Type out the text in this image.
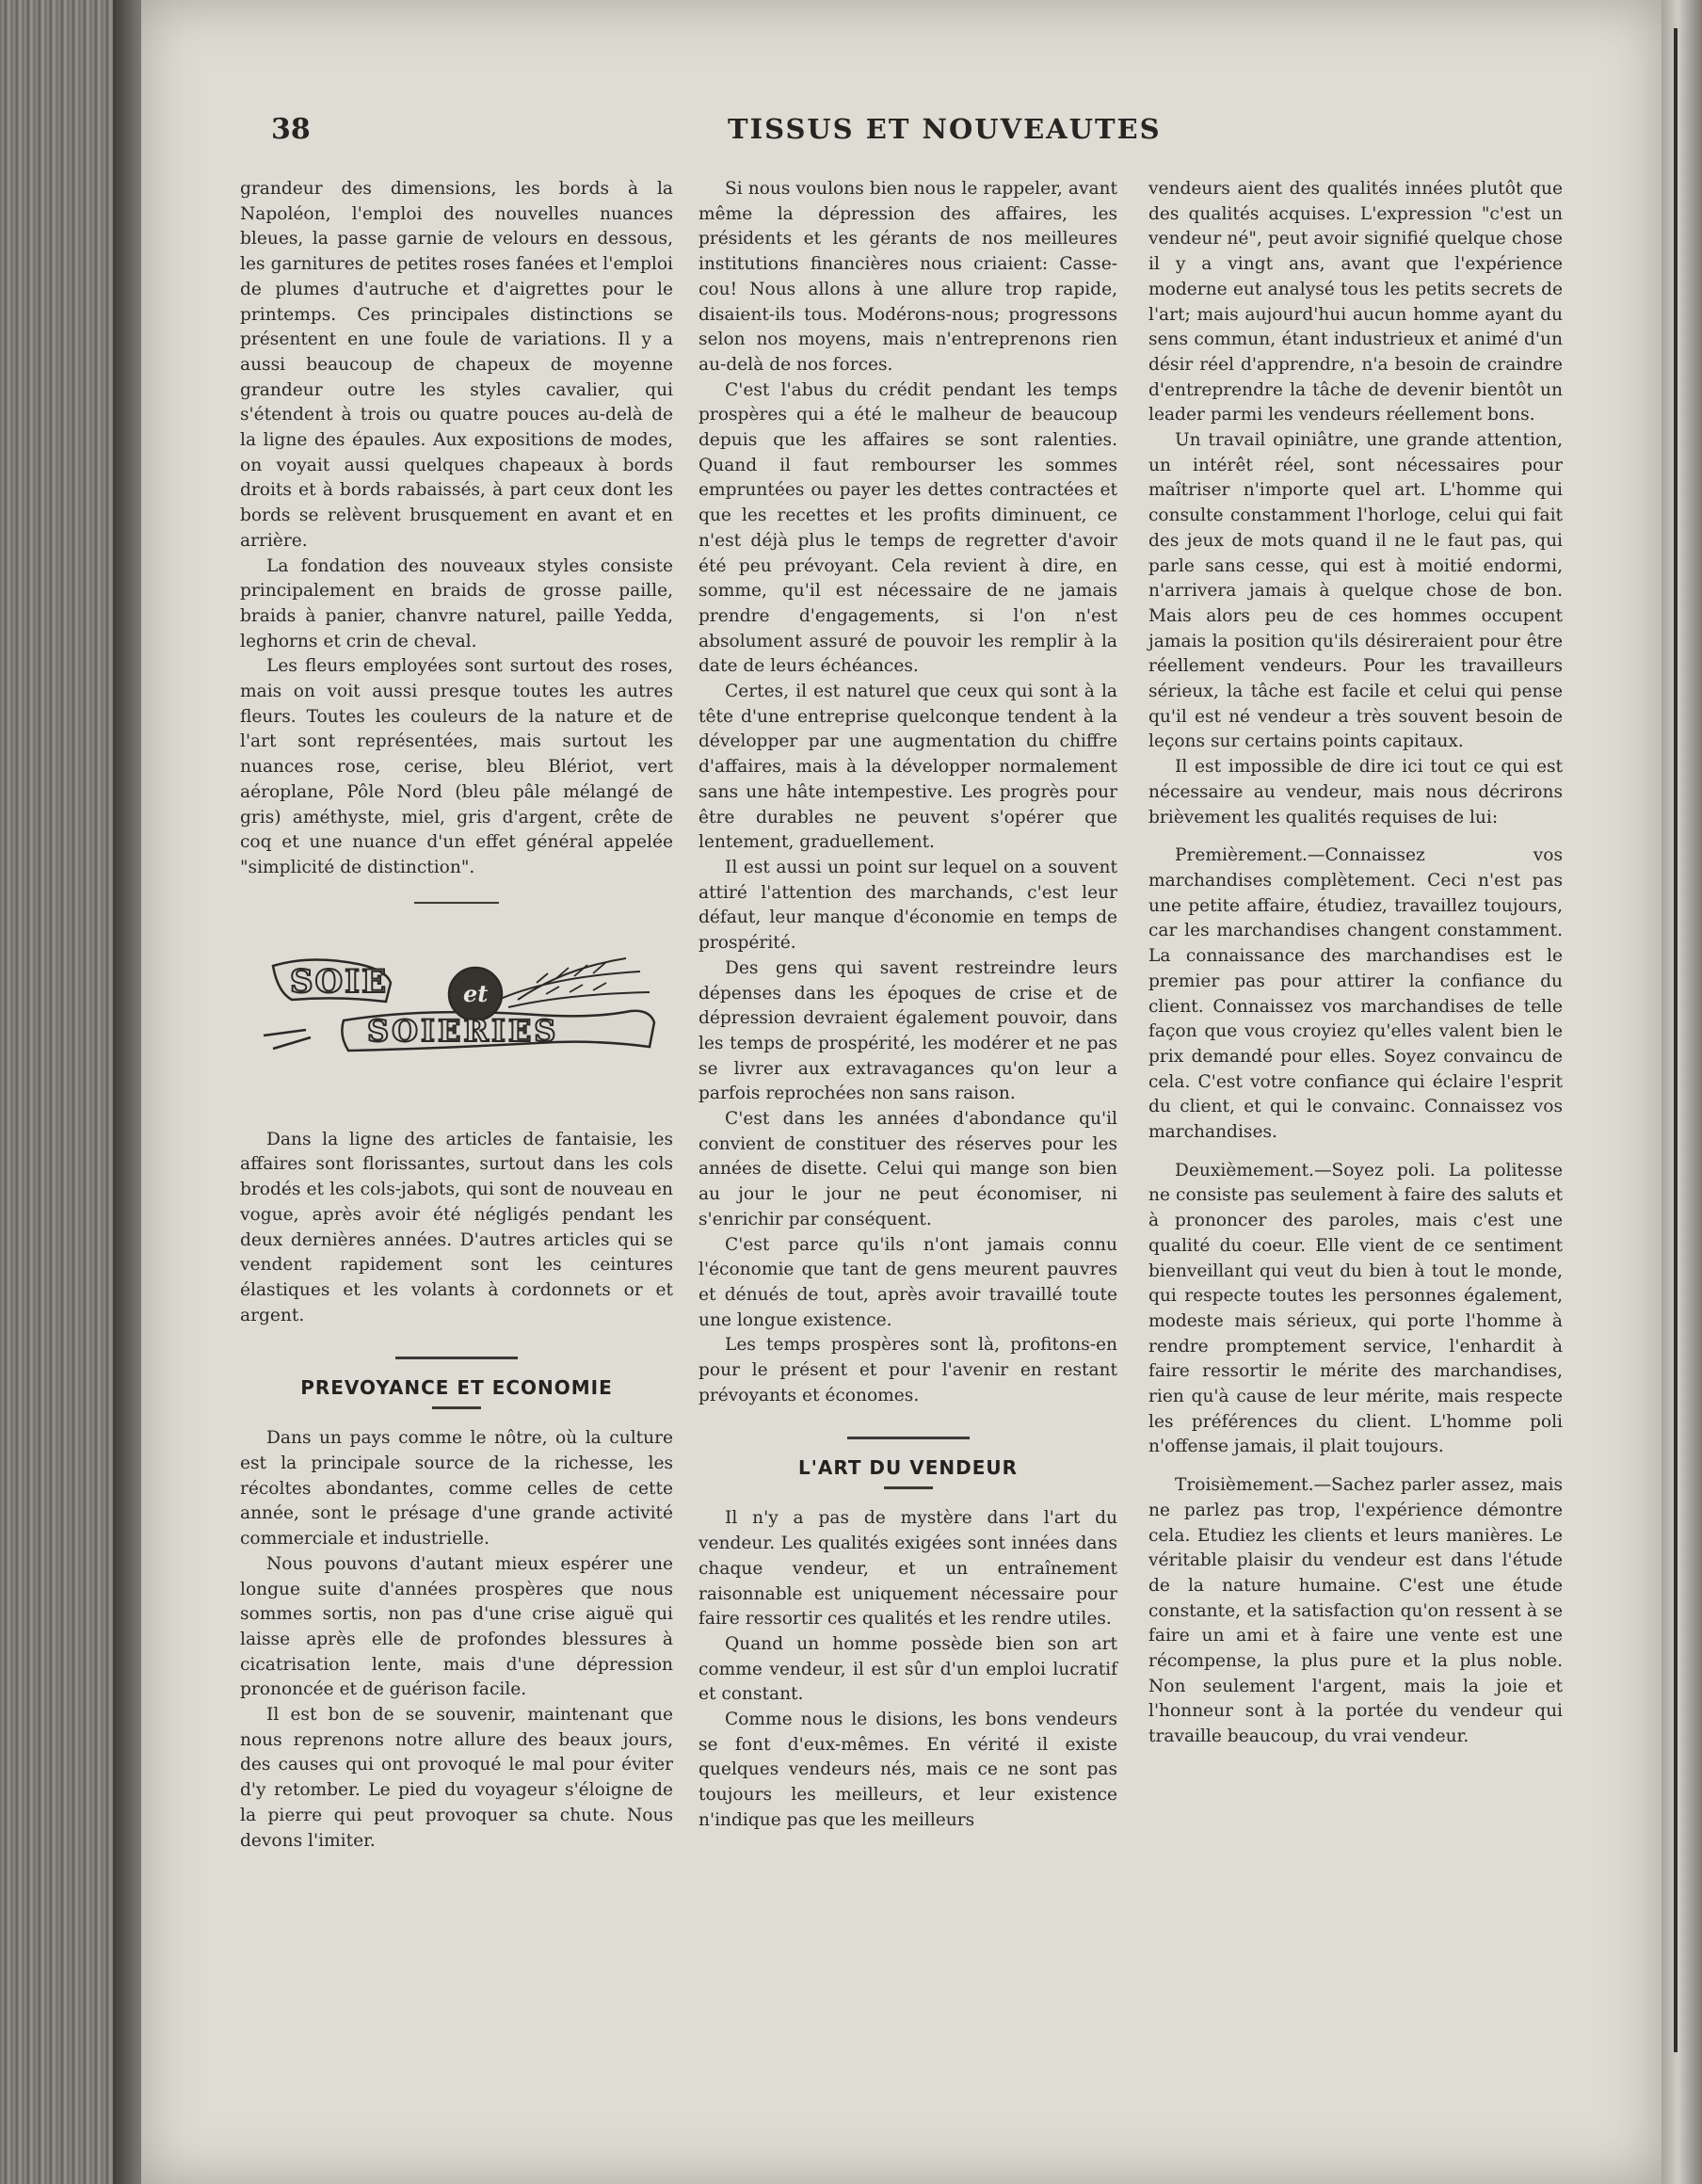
38	TISSUS ET NOUVEAUTES

grandeur des dimensions, les bords à la Napoléon, l'emploi des nouvelles nuances bleues, la passe garnie de velours en dessous, les garnitures de petites roses fanées et l'emploi de plumes d'autruche et d'aigrettes pour le printemps. Ces principales distinctions se présentent en une foule de variations. Il y a aussi beaucoup de chapeux de moyenne grandeur outre les styles cavalier, qui s'étendent à trois ou quatre pouces au-delà de la ligne des épaules. Aux expositions de modes, on voyait aussi quelques chapeaux à bords droits et à bords rabaissés, à part ceux dont les bords se relèvent brusquement en avant et en arrière.

La fondation des nouveaux styles consiste principalement en braids de grosse paille, braids à panier, chanvre naturel, paille Yedda, leghorns et crin de cheval.

Les fleurs employées sont surtout des roses, mais on voit aussi presque toutes les autres fleurs. Toutes les couleurs de la nature et de l'art sont représentées, mais surtout les nuances rose, cerise, bleu Blériot, vert aéroplane, Pôle Nord (bleu pâle mélangé de gris) améthyste, miel, gris d'argent, crête de coq et une nuance d'un effet général appelée "simplicité de distinction".

SOIE	et
SOIERIES

Dans la ligne des articles de fantaisie, les affaires sont florissantes, surtout dans les cols brodés et les cols-jabots, qui sont de nouveau en vogue, après avoir été négligés pendant les deux dernières années. D'autres articles qui se vendent rapidement sont les ceintures élastiques et les volants à cordonnets or et argent.

PREVOYANCE ET ECONOMIE

Dans un pays comme le nôtre, où la culture est la principale source de la richesse, les récoltes abondantes, comme celles de cette année, sont le présage d'une grande activité commerciale et industrielle.

Nous pouvons d'autant mieux espérer une longue suite d'années prospères que nous sommes sortis, non pas d'une crise aiguë qui laisse après elle de profondes blessures à cicatrisation lente, mais d'une dépression prononcée et de guérison facile.

Il est bon de se souvenir, maintenant que nous reprenons notre allure des beaux jours, des causes qui ont provoqué le mal pour éviter d'y retomber. Le pied du voyageur s'éloigne de la pierre qui peut provoquer sa chute. Nous devons l'imiter.

Si nous voulons bien nous le rappeler, avant même la dépression des affaires, les présidents et les gérants de nos meilleures institutions financières nous criaient: Casse-cou! Nous allons à une allure trop rapide, disaient-ils tous. Modérons-nous; progressons selon nos moyens, mais n'entreprenons rien au-delà de nos forces.

C'est l'abus du crédit pendant les temps prospères qui a été le malheur de beaucoup depuis que les affaires se sont ralenties. Quand il faut rembourser les sommes empruntées ou payer les dettes contractées et que les recettes et les profits diminuent, ce n'est déjà plus le temps de regretter d'avoir été peu prévoyant. Cela revient à dire, en somme, qu'il est nécessaire de ne jamais prendre d'engagements, si l'on n'est absolument assuré de pouvoir les remplir à la date de leurs échéances.

Certes, il est naturel que ceux qui sont à la tête d'une entreprise quelconque tendent à la développer par une augmentation du chiffre d'affaires, mais à la développer normalement sans une hâte intempestive. Les progrès pour être durables ne peuvent s'opérer que lentement, graduellement.

Il est aussi un point sur lequel on a souvent attiré l'attention des marchands, c'est leur défaut, leur manque d'économie en temps de prospérité.

Des gens qui savent restreindre leurs dépenses dans les époques de crise et de dépression devraient également pouvoir, dans les temps de prospérité, les modérer et ne pas se livrer aux extravagances qu'on leur a parfois reprochées non sans raison.

C'est dans les années d'abondance qu'il convient de constituer des réserves pour les années de disette. Celui qui mange son bien au jour le jour ne peut économiser, ni s'enrichir par conséquent.

C'est parce qu'ils n'ont jamais connu l'économie que tant de gens meurent pauvres et dénués de tout, après avoir travaillé toute une longue existence.

Les temps prospères sont là, profitons-en pour le présent et pour l'avenir en restant prévoyants et économes.

L'ART DU VENDEUR

Il n'y a pas de mystère dans l'art du vendeur. Les qualités exigées sont innées dans chaque vendeur, et un entraînement raisonnable est uniquement nécessaire pour faire ressortir ces qualités et les rendre utiles.

Quand un homme possède bien son art comme vendeur, il est sûr d'un emploi lucratif et constant.

Comme nous le disions, les bons vendeurs se font d'eux-mêmes. En vérité il existe quelques vendeurs nés, mais ce ne sont pas toujours les meilleurs, et leur existence n'indique pas que les meilleurs

vendeurs aient des qualités innées plutôt que des qualités acquises. L'expression "c'est un vendeur né", peut avoir signifié quelque chose il y a vingt ans, avant que l'expérience moderne eut analysé tous les petits secrets de l'art; mais aujourd'hui aucun homme ayant du sens commun, étant industrieux et animé d'un désir réel d'apprendre, n'a besoin de craindre d'entreprendre la tâche de devenir bientôt un leader parmi les vendeurs réellement bons.

Un travail opiniâtre, une grande attention, un intérêt réel, sont nécessaires pour maîtriser n'importe quel art. L'homme qui consulte constamment l'horloge, celui qui fait des jeux de mots quand il ne le faut pas, qui parle sans cesse, qui est à moitié endormi, n'arrivera jamais à quelque chose de bon. Mais alors peu de ces hommes occupent jamais la position qu'ils désireraient pour être réellement vendeurs. Pour les travailleurs sérieux, la tâche est facile et celui qui pense qu'il est né vendeur a très souvent besoin de leçons sur certains points capitaux.

Il est impossible de dire ici tout ce qui est nécessaire au vendeur, mais nous décrirons brièvement les qualités requises de lui:

Premièrement.—Connaissez vos marchandises complètement. Ceci n'est pas une petite affaire, étudiez, travaillez toujours, car les marchandises changent constamment. La connaissance des marchandises est le premier pas pour attirer la confiance du client. Connaissez vos marchandises de telle façon que vous croyiez qu'elles valent bien le prix demandé pour elles. Soyez convaincu de cela. C'est votre confiance qui éclaire l'esprit du client, et qui le convainc. Connaissez vos marchandises.

Deuxièmement.—Soyez poli. La politesse ne consiste pas seulement à faire des saluts et à prononcer des paroles, mais c'est une qualité du coeur. Elle vient de ce sentiment bienveillant qui veut du bien à tout le monde, qui respecte toutes les personnes également, modeste mais sérieux, qui porte l'homme à rendre promptement service, l'enhardit à faire ressortir le mérite des marchandises, rien qu'à cause de leur mérite, mais respecte les préférences du client. L'homme poli n'offense jamais, il plait toujours.

Troisièmement.—Sachez parler assez, mais ne parlez pas trop, l'expérience démontre cela. Etudiez les clients et leurs manières. Le véritable plaisir du vendeur est dans l'étude de la nature humaine. C'est une étude constante, et la satisfaction qu'on ressent à se faire un ami et à faire une vente est une récompense, la plus pure et la plus noble. Non seulement l'argent, mais la joie et l'honneur sont à la portée du vendeur qui travaille beaucoup, du vrai vendeur.
